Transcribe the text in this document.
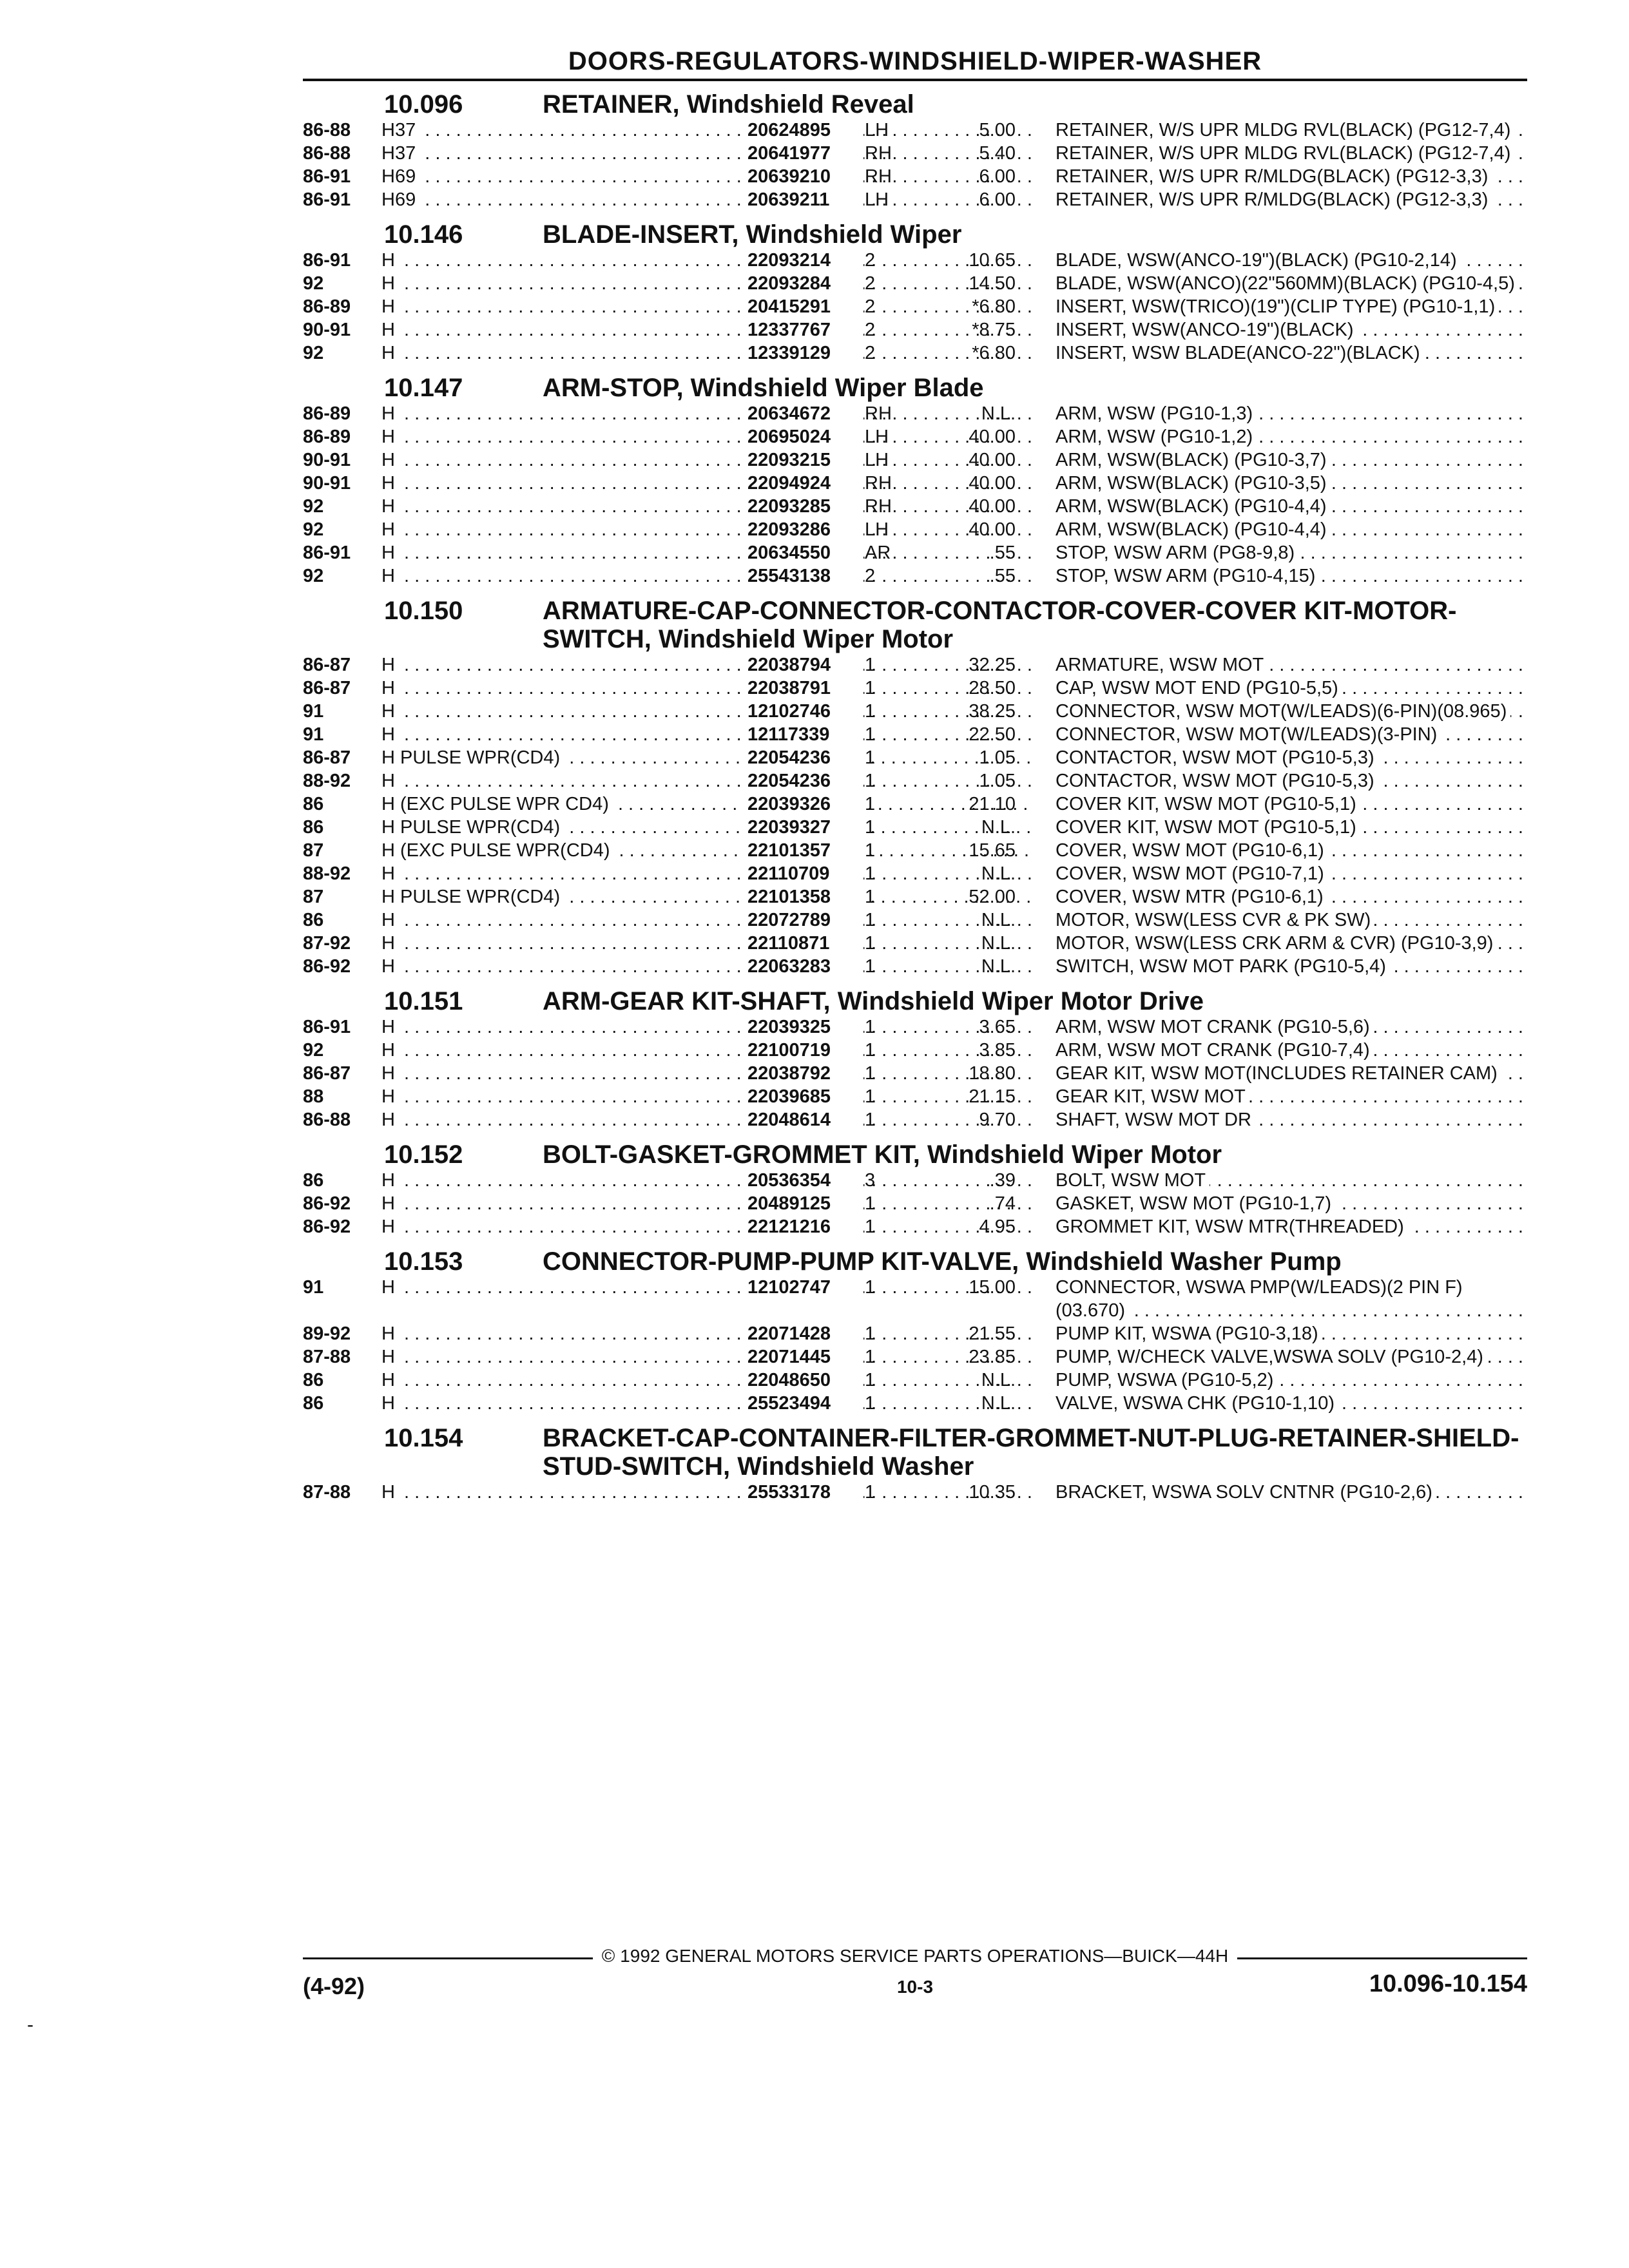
DOORS-REGULATORS-WINDSHIELD-WIPER-WASHER
10.096	RETAINER, Windshield Reveal
86-88	H37 . . .	20624895	LH	5.00 RETAINER, W/S UPR MLDG RVL(BLACK) (PG12-7,4)
. . .
86-88	H37 . . .	20641977	RH	5.40 RETAINER, W/S UPR MLDG RVL(BLACK) (PG12-7,4)
. . .
86-91	H69 . . .	20639210	RH	6.00 RETAINER, W/S UPR R/MLDG(BLACK) (PG12-3,3)
. . .
86-91	H69 . . .	20639211	LH	6.00 RETAINER, W/S UPR R/MLDG(BLACK) (PG12-3,3)
. . .
10.146	BLADE-INSERT, Windshield Wiper
86-91	H . . .	22093214	2	10.65 BLADE, WSW(ANCO-19")(BLACK) (PG10-2,14)
. . .
92	H . . .	22093284	2	14.50 BLADE, WSW(ANCO)(22"560MM)(BLACK) (PG10-4,5)
. . .
86-89	H . . .	20415291	2	*6.80 INSERT, WSW(TRICO)(19")(CLIP TYPE) (PG10-1,1)
. . .
90-91	H . . .	12337767	2	*8.75 INSERT, WSW(ANCO-19")(BLACK)
. . .
92	H . . .	12339129	2	*6.80 INSERT, WSW BLADE(ANCO-22")(BLACK)
. . .
10.147	ARM-STOP, Windshield Wiper Blade
86-89	H . . .	20634672	RH	N.L. ARM, WSW (PG10-1,3)
. . .
86-89	H . . .	20695024	LH	40.00 ARM, WSW (PG10-1,2)
. . .
90-91	H . . .	22093215	LH	40.00 ARM, WSW(BLACK) (PG10-3,7)
. . .
90-91	H . . .	22094924	RH	40.00 ARM, WSW(BLACK) (PG10-3,5)
. . .
92	H . . .	22093285	RH	40.00 ARM, WSW(BLACK) (PG10-4,4)
. . .
92	H . . .	22093286	LH	40.00 ARM, WSW(BLACK) (PG10-4,4)
. . .
86-91	H . . .	20634550	AR	.55 STOP, WSW ARM (PG8-9,8)
. . .
92	H . . .	25543138	2	.55 STOP, WSW ARM (PG10-4,15)
. . .
10.150	ARMATURE-CAP-CONNECTOR-CONTACTOR-COVER-COVER KIT-MOTOR-SWITCH, Windshield Wiper Motor
86-87	H . . .	22038794	1	32.25 ARMATURE, WSW MOT
. . .
86-87	H . . .	22038791	1	28.50 CAP, WSW MOT END (PG10-5,5)
. . .
91	H . . .	12102746	1	38.25 CONNECTOR, WSW MOT(W/LEADS)(6-PIN)(08.965)
. . .
91	H . . .	12117339	1	22.50 CONNECTOR, WSW MOT(W/LEADS)(3-PIN)
. . .
86-87	H PULSE WPR(CD4) . . .	22054236	1	1.05 CONTACTOR, WSW MOT (PG10-5,3)
. . .
88-92	H . . .	22054236	1	1.05 CONTACTOR, WSW MOT (PG10-5,3)
. . .
86	H (EXC PULSE WPR CD4) . . .	22039326	1	21.10 COVER KIT, WSW MOT (PG10-5,1)
. . .
86	H PULSE WPR(CD4) . . .	22039327	1	N.L. COVER KIT, WSW MOT (PG10-5,1)
. . .
87	H (EXC PULSE WPR(CD4) . . .	22101357	1	15.65 COVER, WSW MOT (PG10-6,1)
. . .
88-92	H . . .	22110709	1	N.L. COVER, WSW MOT (PG10-7,1)
. . .
87	H PULSE WPR(CD4) . . .	22101358	1	52.00 COVER, WSW MTR (PG10-6,1)
. . .
86	H . . .	22072789	1	N.L. MOTOR, WSW(LESS CVR & PK SW)
. . .
87-92	H . . .	22110871	1	N.L. MOTOR, WSW(LESS CRK ARM & CVR) (PG10-3,9)
. . .
86-92	H . . .	22063283	1	N.L. SWITCH, WSW MOT PARK (PG10-5,4)
. . .
10.151	ARM-GEAR KIT-SHAFT, Windshield Wiper Motor Drive
86-91	H . . .	22039325	1	3.65 ARM, WSW MOT CRANK (PG10-5,6)
. . .
92	H . . .	22100719	1	3.85 ARM, WSW MOT CRANK (PG10-7,4)
. . .
86-87	H . . .	22038792	1	18.80 GEAR KIT, WSW MOT(INCLUDES RETAINER CAM)
. . .
88	H . . .	22039685	1	21.15 GEAR KIT, WSW MOT
. . .
86-88	H . . .	22048614	1	9.70 SHAFT, WSW MOT DR
. . .
10.152	BOLT-GASKET-GROMMET KIT, Windshield Wiper Motor
86	H . . .	20536354	3	.39 BOLT, WSW MOT
. . .
86-92	H . . .	20489125	1	.74 GASKET, WSW MOT (PG10-1,7)
. . .
86-92	H . . .	22121216	1	4.95 GROMMET KIT, WSW MTR(THREADED)
. . .
10.153	CONNECTOR-PUMP-PUMP KIT-VALVE, Windshield Washer Pump
91	H . . .	12102747	1	15.00 CONNECTOR, WSWA PMP(W/LEADS)(2 PIN F)(03.670)
. . .
89-92	H . . .	22071428	1	21.55 PUMP KIT, WSWA (PG10-3,18)
. . .
87-88	H . . .	22071445	1	23.85 PUMP, W/CHECK VALVE,WSWA SOLV (PG10-2,4)
. . .
86	H . . .	22048650	1	N.L. PUMP, WSWA (PG10-5,2)
. . .
86	H . . .	25523494	1	N.L. VALVE, WSWA CHK (PG10-1,10)
. . .
10.154	BRACKET-CAP-CONTAINER-FILTER-GROMMET-NUT-PLUG-RETAINER-SHIELD-STUD-SWITCH, Windshield Washer
87-88	H . . .	25533178	1	10.35 BRACKET, WSWA SOLV CNTNR (PG10-2,6)
. . .
© 1992 GENERAL MOTORS SERVICE PARTS OPERATIONS—BUICK—44H
(4-92)	10-3	10.096-10.154
-
